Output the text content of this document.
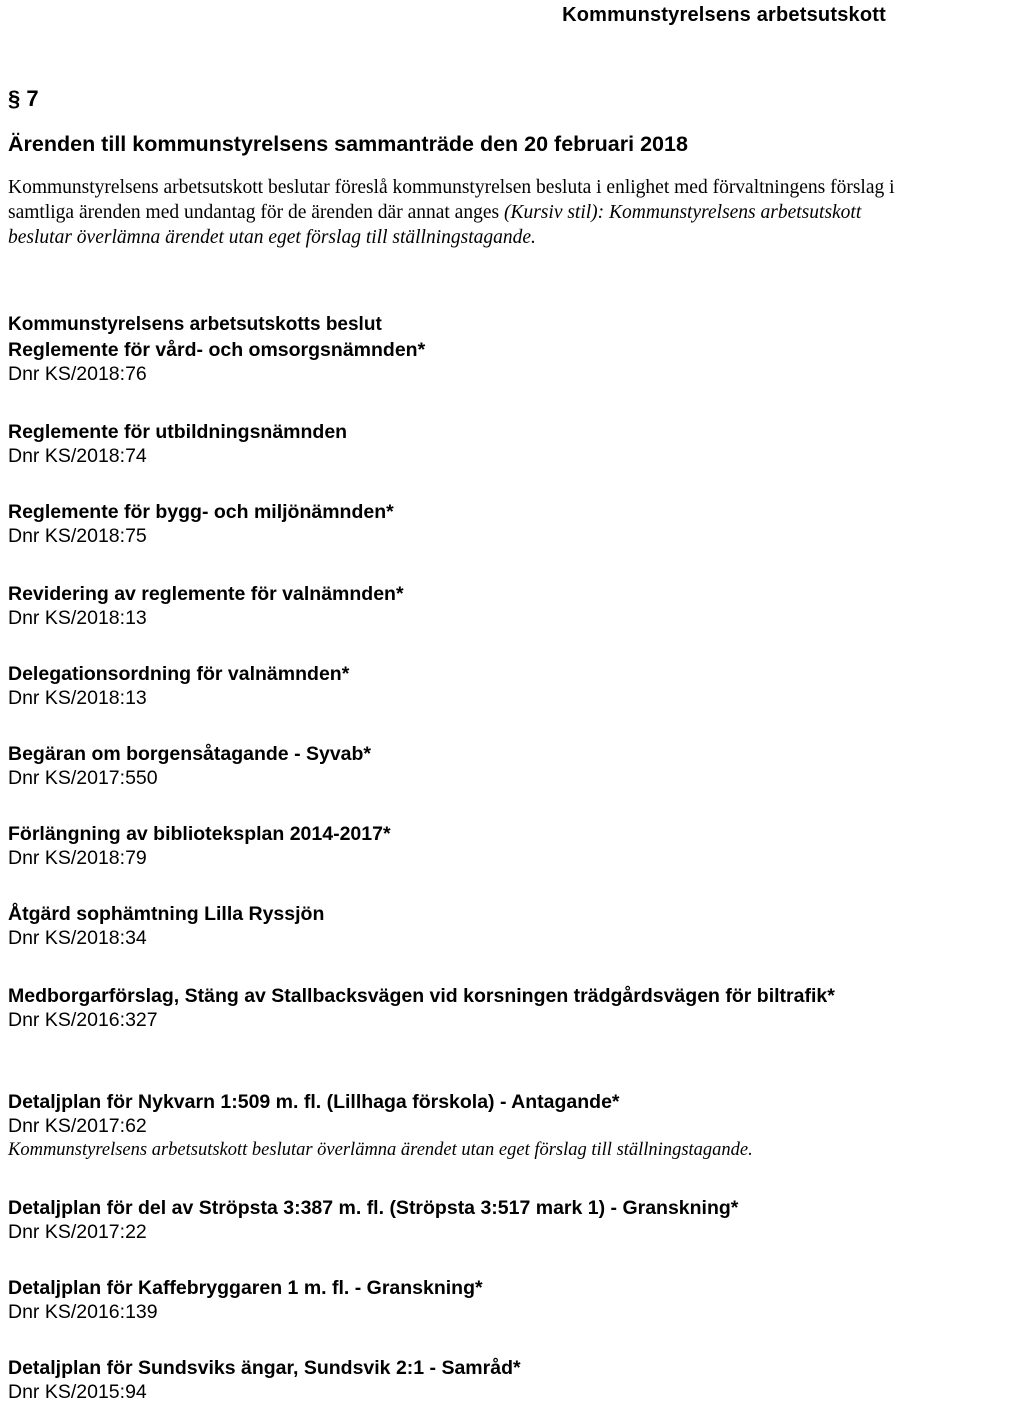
Kommunstyrelsens arbetsutskott
§ 7
Ärenden till kommunstyrelsens sammanträde den 20 februari 2018
Kommunstyrelsens arbetsutskott beslutar föreslå kommunstyrelsen besluta i enlighet med förvaltningens förslag i samtliga ärenden med undantag för de ärenden där annat anges (Kursiv stil): Kommunstyrelsens arbetsutskott beslutar överlämna ärendet utan eget förslag till ställningstagande.
Kommunstyrelsens arbetsutskotts beslut
Reglemente för vård- och omsorgsnämnden*
Dnr KS/2018:76
Reglemente för utbildningsnämnden
Dnr KS/2018:74
Reglemente för bygg- och miljönämnden*
Dnr KS/2018:75
Revidering av reglemente för valnämnden*
Dnr KS/2018:13
Delegationsordning för valnämnden*
Dnr KS/2018:13
Begäran om borgensåtagande - Syvab*
Dnr KS/2017:550
Förlängning av biblioteksplan 2014-2017*
Dnr KS/2018:79
Åtgärd sophämtning Lilla Ryssjön
Dnr KS/2018:34
Medborgarförslag, Stäng av Stallbacksvägen vid korsningen trädgårdsvägen för biltrafik*
Dnr KS/2016:327
Detaljplan för Nykvarn 1:509 m. fl. (Lillhaga förskola) - Antagande*
Dnr KS/2017:62
Kommunstyrelsens arbetsutskott beslutar överlämna ärendet utan eget förslag till ställningstagande.
Detaljplan för del av Ströpsta 3:387 m. fl. (Ströpsta 3:517 mark 1) - Granskning*
Dnr KS/2017:22
Detaljplan för Kaffebryggaren 1 m. fl. - Granskning*
Dnr KS/2016:139
Detaljplan för Sundsviks ängar, Sundsvik 2:1 - Samråd*
Dnr KS/2015:94
